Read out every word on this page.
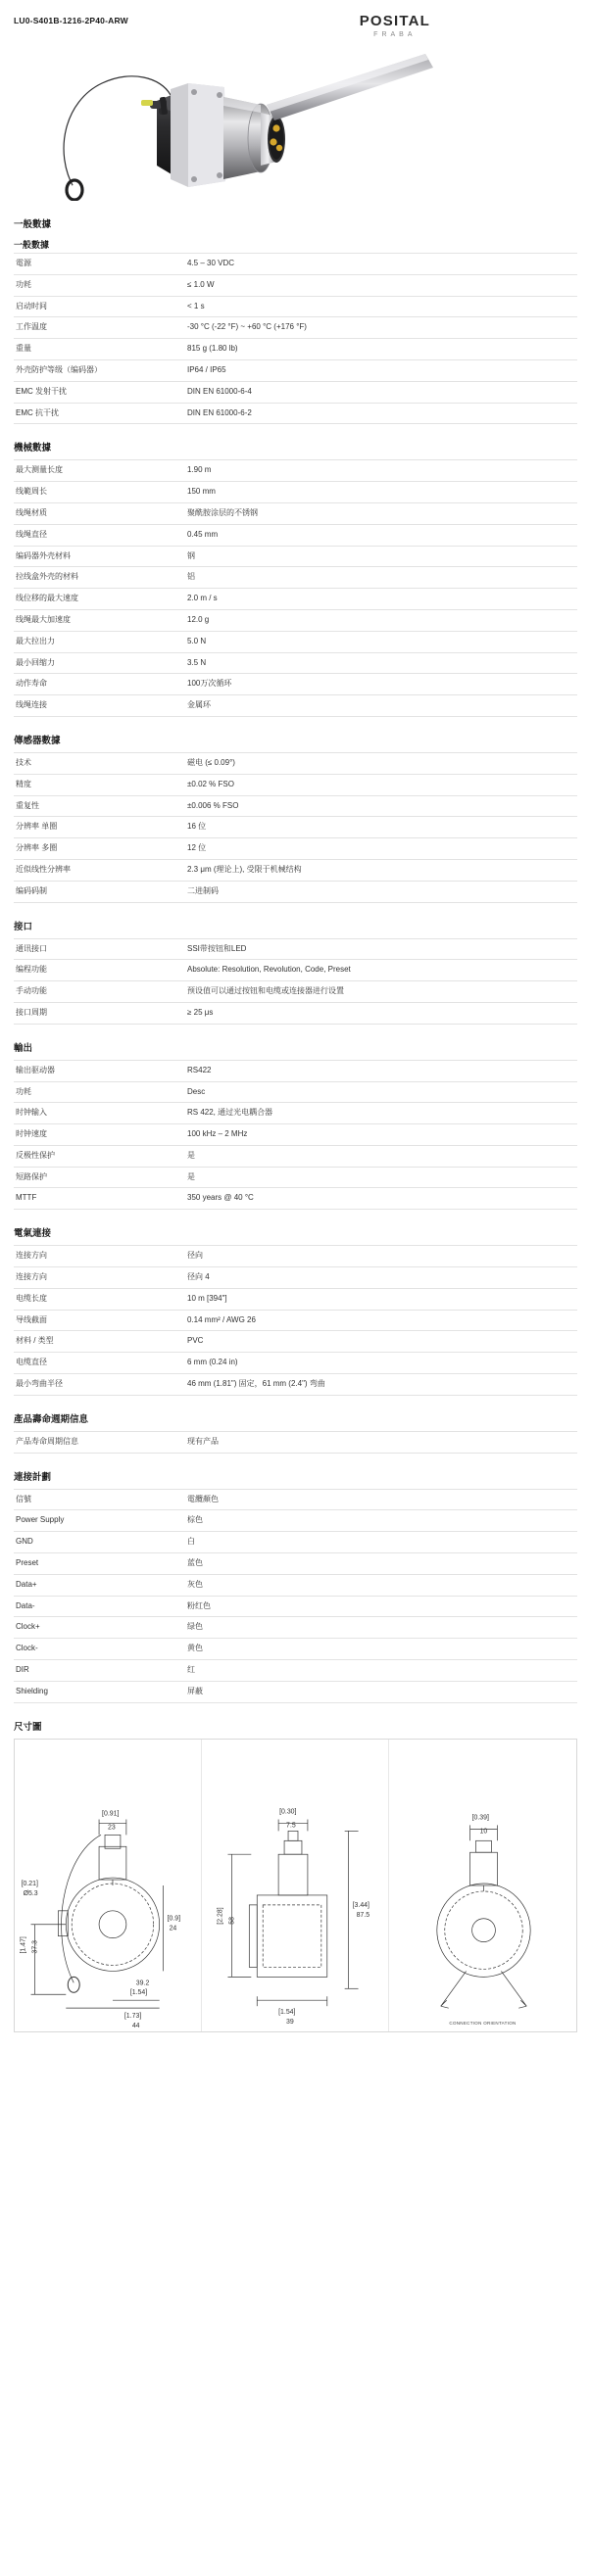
LU0-S401B-1216-2P40-ARW	POSITAL
FRABA
一般數據
一般數據
電源	4.5 – 30 VDC
功耗	≤ 1.0 W
启动时间	< 1 s
工作温度	-30 °C (-22 °F) ~ +60 °C (+176 °F)
重量	815 g (1.80 lb)
外壳防护等级（编码器）	IP64 / IP65
EMC 发射干扰	DIN EN 61000-6-4
EMC 抗干扰	DIN EN 61000-6-2
機械數據
最大测量长度	1.90 m
线範周长	150 mm
线绳材质	聚酰胺涂层的不锈钢
线绳直径	0.45 mm
编码器外壳材料	钢
拉线盒外壳的材料	铝
线位移的最大速度	2.0 m / s
线绳最大加速度	12.0 g
最大拉出力	5.0 N
最小回缩力	3.5 N
动作寿命	100万次循环
线绳连接	金属环
傳感器數據
技术	磁电 (≤ 0.09°)
精度	±0.02 % FSO
重复性	±0.006 % FSO
分辨率 单圈	16 位
分辨率 多圈	12 位
近似线性分辨率	2.3 μm (理论上), 受限于机械结构
编码码制	二进制码
接口
通讯接口	SSI带按钮和LED
编程功能	Absolute: Resolution, Revolution, Code, Preset
手动功能	预设值可以通过按钮和电缆或连接器进行设置
接口周期	≥ 25 μs
輸出
输出驱动器	RS422
功耗	Desc
时钟输入	RS 422, 通过光电耦合器
时钟速度	100 kHz – 2 MHz
反极性保护	是
短路保护	是
MTTF	350 years @ 40 °C
電氣連接
连接方向	径向
连接方向	径向 4
电缆长度	10 m [394"]
导线截面	0.14 mm² / AWG 26
材料 / 类型	PVC
电缆直径	6 mm (0.24 in)
最小弯曲半径	46 mm (1.81") 固定，61 mm (2.4") 弯曲
產品壽命週期信息
产品寿命周期信息	现有产品
連接計劃
信號	電纜顏色
Power Supply	棕色
GND	白
Preset	蓝色
Data+	灰色
Data-	粉红色
Clock+	绿色
Clock-	黄色
DIR	红
Shielding	屏蔽
尺寸圖
[0.91]
23
[0.21]
Ø5.3
[1.47] 37.3
[0.9]
24
[1.73]
44
[1.54]
39.2
[0.30]
7.5
[2.28] 58
[3.44]
87.5
[1.54]
39
[0.39]
10
CONNECTION ORIENTATION
